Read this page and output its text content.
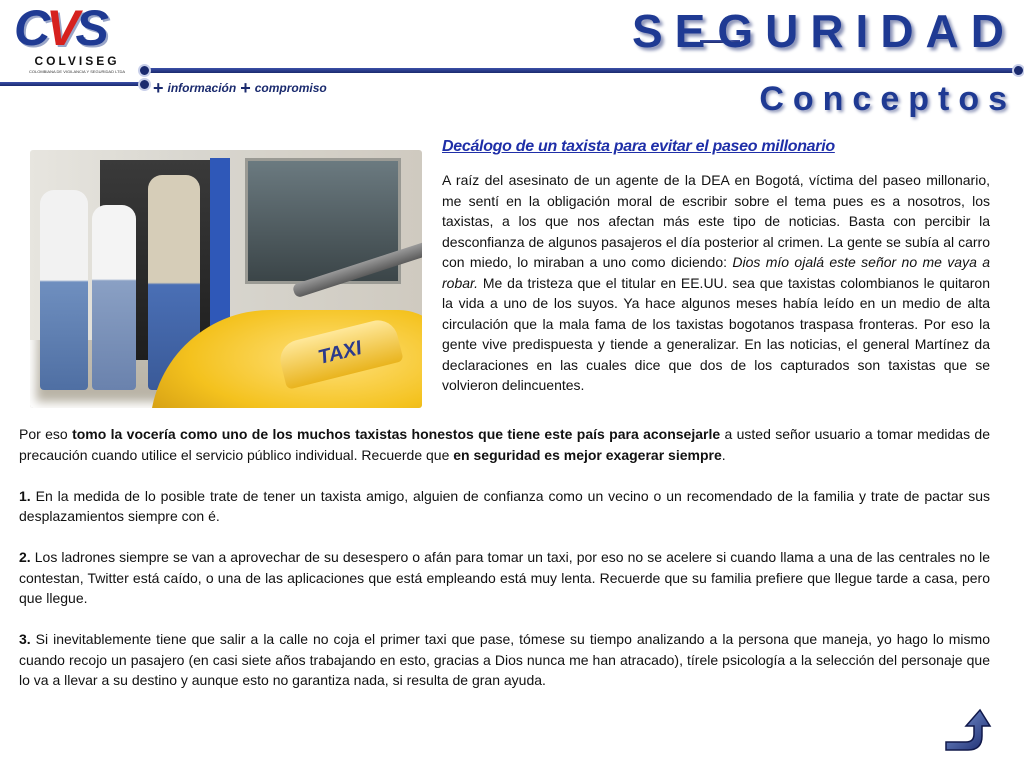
CVS
COLVISEG
COLOMBIANA DE VIGILANCIA Y SEGURIDAD LTDA
+ información + compromiso
SEGURIDAD
Conceptos
TAXI
Decálogo de un taxista para evitar el paseo millonario
A raíz del asesinato de un agente de la DEA en Bogotá, víctima del paseo millonario, me sentí en la obligación moral de escribir sobre el tema pues es a nosotros, los taxistas, a los que nos afectan más este tipo de noticias. Basta con percibir la desconfianza de algunos pasajeros el día posterior al crimen. La gente se subía al carro con miedo, lo miraban a uno como diciendo: Dios mío ojalá este señor no me vaya a robar. Me da tristeza que el titular en EE.UU. sea que taxistas colombianos le quitaron la vida a uno de los suyos. Ya hace algunos meses había leído en un medio de alta circulación que la mala fama de los taxistas bogotanos traspasa fronteras. Por eso la gente vive predispuesta y tiende a generalizar. En las noticias, el general Martínez da declaraciones en las cuales dice que dos de los capturados son taxistas que se volvieron delincuentes.

Por eso tomo la vocería como uno de los muchos taxistas honestos que tiene este país para aconsejarle a usted señor usuario a tomar medidas de precaución cuando utilice el servicio público individual. Recuerde que en seguridad es mejor exagerar siempre.

1. En la medida de lo posible trate de tener un taxista amigo, alguien de confianza como un vecino o un recomendado de la familia y trate de pactar sus desplazamientos siempre con é.

2. Los ladrones siempre se van a aprovechar de su desespero o afán para tomar un taxi, por eso no se acelere si cuando llama a una de las centrales no le contestan, Twitter está caído, o una de las aplicaciones que está empleando está muy lenta. Recuerde que su familia prefiere que llegue tarde a casa, pero que llegue.

3. Si inevitablemente tiene que salir a la calle no coja el primer taxi que pase, tómese su tiempo analizando a la persona que maneja, yo hago lo mismo cuando recojo un pasajero (en casi siete años trabajando en esto, gracias a Dios nunca me han atracado), tírele psicología a la selección del personaje que lo va a llevar a su destino y aunque esto no garantiza nada, si resulta de gran ayuda.
